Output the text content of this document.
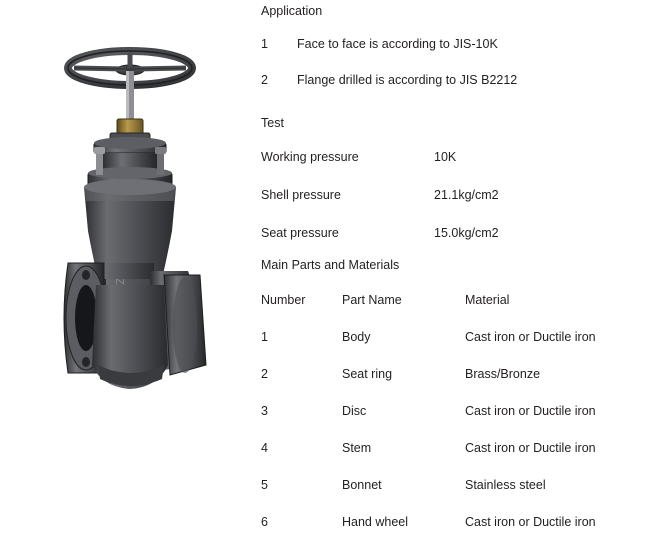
Application
1	Face to face is according to JIS-10K
2	Flange drilled is according to JIS B2212
Test
Working pressure	10K
Shell pressure	21.1kg/cm2
Seat pressure	15.0kg/cm2
Main Parts and Materials
Number	Part Name	Material
1	Body	Cast iron or Ductile iron
2	Seat ring	Brass/Bronze
3	Disc	Cast iron or Ductile iron
4	Stem	Cast iron or Ductile iron
5	Bonnet	Stainless steel
6	Hand wheel	Cast iron or Ductile iron
